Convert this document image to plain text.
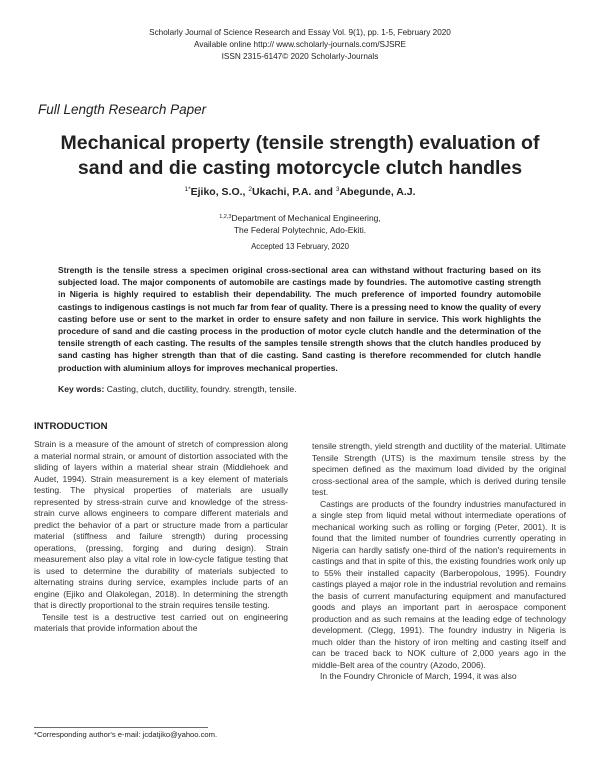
Scholarly Journal of Science Research and Essay Vol. 9(1), pp. 1-5, February 2020
Available online http:// www.scholarly-journals.com/SJSRE
ISSN 2315-6147© 2020 Scholarly-Journals
Full Length Research Paper
Mechanical property (tensile strength) evaluation of sand and die casting motorcycle clutch handles
$^{1*}$Ejiko, S.O., $^2$Ukachi, P.A. and $^3$Abegunde, A.J.
$^{1,2,3}$Department of Mechanical Engineering,
The Federal Polytechnic, Ado-Ekiti.
Accepted 13 February, 2020
Strength is the tensile stress a specimen original cross-sectional area can withstand without fracturing based on its subjected load. The major components of automobile are castings made by foundries. The automotive casting strength in Nigeria is highly required to establish their dependability. The much preference of imported foundry automobile castings to indigenous castings is not much far from fear of quality. There is a pressing need to know the quality of every casting before use or sent to the market in order to ensure safety and non failure in service. This work highlights the procedure of sand and die casting process in the production of motor cycle clutch handle and the determination of the tensile strength of each casting. The results of the samples tensile strength shows that the clutch handles produced by sand casting has higher strength than that of die casting. Sand casting is therefore recommended for clutch handle production with aluminium alloys for improves mechanical properties.
Key words: Casting, clutch, ductility, foundry. strength, tensile.
INTRODUCTION

Strain is a measure of the amount of stretch of compression along a material normal strain, or amount of distortion associated with the sliding of layers within a material shear strain (Middlehoek and Audet, 1994). Strain measurement is a key element of materials testing. The physical properties of materials are usually represented by stress-strain curve and knowledge of the stress-strain curve allows engineers to compare different materials and predict the behavior of a part or structure made from a particular material (stiffness and failure strength) during processing operations, (pressing, forging and during design). Strain measurement also play a vital role in low-cycle fatigue testing that is used to determine the durability of materials subjected to alternating strains during service, examples include parts of an engine (Ejiko and Olakolegan, 2018). In determining the strength that is directly proportional to the strain requires tensile testing.

Tensile test is a destructive test carried out on engineering materials that provide information about the

tensile strength, yield strength and ductility of the material. Ultimate Tensile Strength (UTS) is the maximum tensile stress by the specimen defined as the maximum load divided by the original cross-sectional area of the sample, which is derived during tensile test.

Castings are products of the foundry industries manufactured in a single step from liquid metal without intermediate operations of mechanical working such as rolling or forging (Peter, 2001). It is found that the limited number of foundries currently operating in Nigeria can hardly satisfy one-third of the nation's requirements in castings and that in spite of this, the existing foundries work only up to 55% their installed capacity (Barberopolous, 1995). Foundry castings played a major role in the industrial revolution and remains the basis of current manufacturing equipment and manufactured goods and plays an important part in aerospace component production and as such remains at the leading edge of technology development. (Clegg, 1991). The foundry industry in Nigeria is much older than the history of iron melting and casting itself and can be traced back to NOK culture of 2,000 years ago in the middle-Belt area of the country (Azodo, 2006).

In the Foundry Chronicle of March, 1994, it was also

*Corresponding author's e-mail: jcdatjiko@yahoo.com.
